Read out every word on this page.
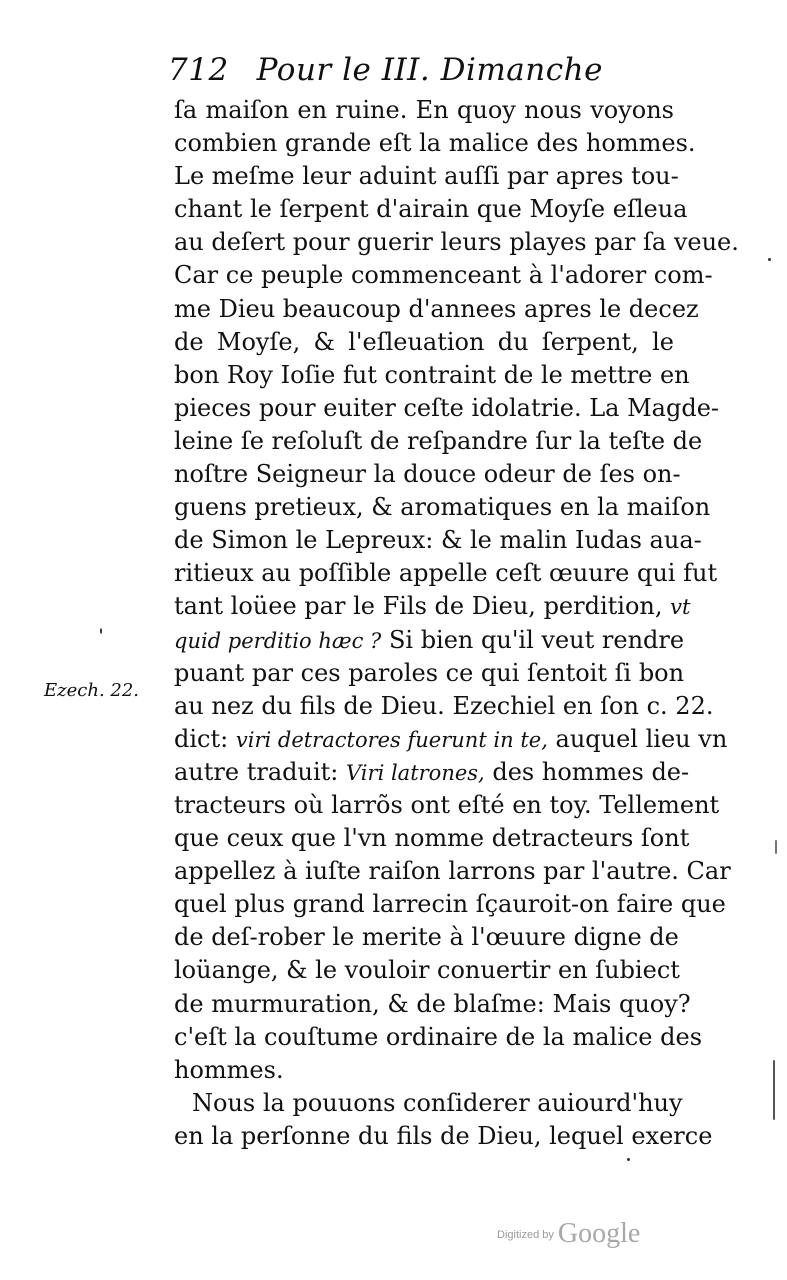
712 Pour le III. Dimanche
Ezech. 22.
ſa maiſon en ruine. En quoy nous voyons
combien grande eſt la malice des hommes.
Le meſme leur aduint auſſi par apres tou-
chant le ſerpent d'airain que Moyſe eſleua
au deſert pour guerir leurs playes par ſa veue.
Car ce peuple commenceant à l'adorer com-
me Dieu beaucoup d'annees apres le decez
de Moyſe, & l'eſleuation du ſerpent, le
bon Roy Ioſie fut contraint de le mettre en
pieces pour euiter ceſte idolatrie. La Magde-
leine ſe reſoluſt de reſpandre ſur la teſte de
noſtre Seigneur la douce odeur de ſes on-
guens pretieux, & aromatiques en la maiſon
de Simon le Lepreux: & le malin Iudas aua-
ritieux au poſſible appelle ceſt œuure qui fut
tant loüee par le Fils de Dieu, perdition, vt
quid perditio hæc ? Si bien qu'il veut rendre
puant par ces paroles ce qui ſentoit ſi bon
au nez du fils de Dieu. Ezechiel en ſon c. 22.
dict: viri detractores fuerunt in te, auquel lieu vn
autre traduit: Viri latrones, des hommes de-
tracteurs où larrõs ont eſté en toy. Tellement
que ceux que l'vn nomme detracteurs ſont
appellez à iuſte raiſon larrons par l'autre. Car
quel plus grand larrecin ſçauroit-on faire que
de deſ-rober le merite à l'œuure digne de
loüange, & le vouloir conuertir en ſubiect
de murmuration, & de blaſme: Mais quoy?
c'eſt la couſtume ordinaire de la malice des
hommes.
Nous la pouuons conſiderer auiourd'huy
en la perſonne du fils de Dieu, lequel exerce
$^{Digitized by}$ Google
